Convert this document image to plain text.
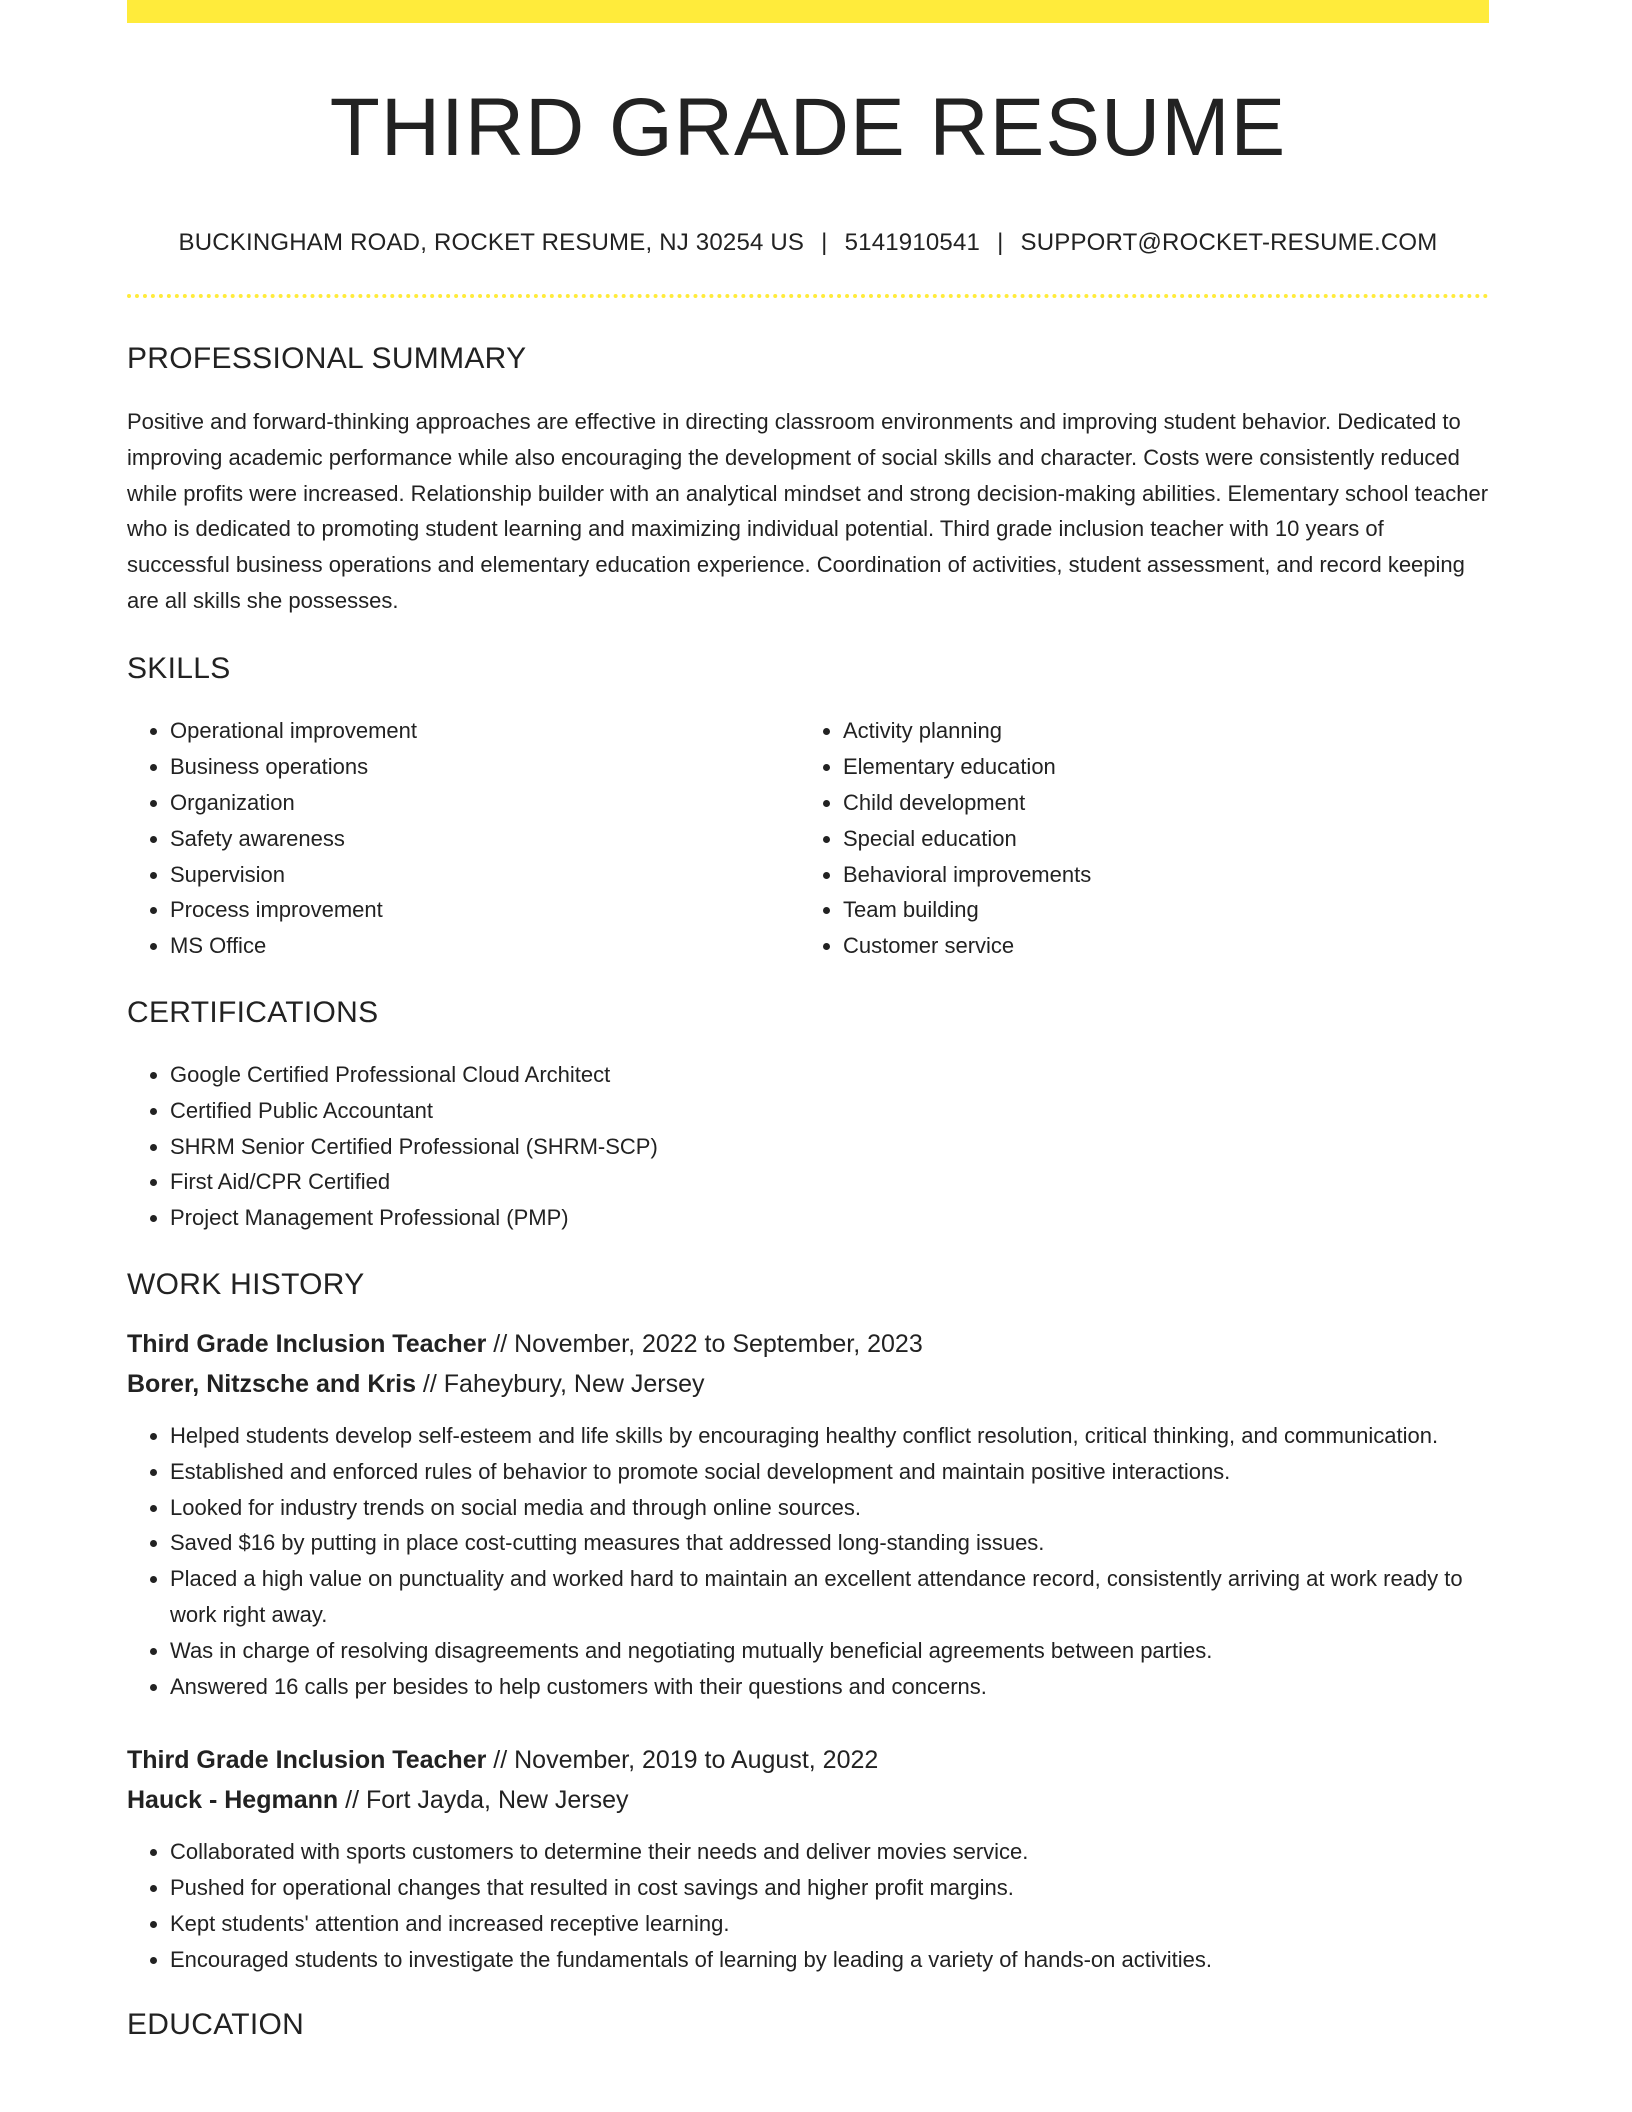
THIRD GRADE RESUME
BUCKINGHAM ROAD, ROCKET RESUME, NJ 30254 US | 5141910541 | SUPPORT@ROCKET-RESUME.COM
PROFESSIONAL SUMMARY

Positive and forward-thinking approaches are effective in directing classroom environments and improving student behavior. Dedicated to improving academic performance while also encouraging the development of social skills and character. Costs were consistently reduced while profits were increased. Relationship builder with an analytical mindset and strong decision-making abilities. Elementary school teacher who is dedicated to promoting student learning and maximizing individual potential. Third grade inclusion teacher with 10 years of successful business operations and elementary education experience. Coordination of activities, student assessment, and record keeping are all skills she possesses.

SKILLS
• Operational improvement
• Business operations
• Organization
• Safety awareness
• Supervision
• Process improvement
• MS Office
• Activity planning
• Elementary education
• Child development
• Special education
• Behavioral improvements
• Team building
• Customer service
CERTIFICATIONS
• Google Certified Professional Cloud Architect
• Certified Public Accountant
• SHRM Senior Certified Professional (SHRM-SCP)
• First Aid/CPR Certified
• Project Management Professional (PMP)
WORK HISTORY
Third Grade Inclusion Teacher // November, 2022 to September, 2023
Borer, Nitzsche and Kris // Faheybury, New Jersey
• Helped students develop self-esteem and life skills by encouraging healthy conflict resolution, critical thinking, and communication.
• Established and enforced rules of behavior to promote social development and maintain positive interactions.
• Looked for industry trends on social media and through online sources.
• Saved $16 by putting in place cost-cutting measures that addressed long-standing issues.
• Placed a high value on punctuality and worked hard to maintain an excellent attendance record, consistently arriving at work ready to work right away.
• Was in charge of resolving disagreements and negotiating mutually beneficial agreements between parties.
• Answered 16 calls per besides to help customers with their questions and concerns.
Third Grade Inclusion Teacher // November, 2019 to August, 2022
Hauck - Hegmann // Fort Jayda, New Jersey
• Collaborated with sports customers to determine their needs and deliver movies service.
• Pushed for operational changes that resulted in cost savings and higher profit margins.
• Kept students' attention and increased receptive learning.
• Encouraged students to investigate the fundamentals of learning by leading a variety of hands-on activities.
EDUCATION
